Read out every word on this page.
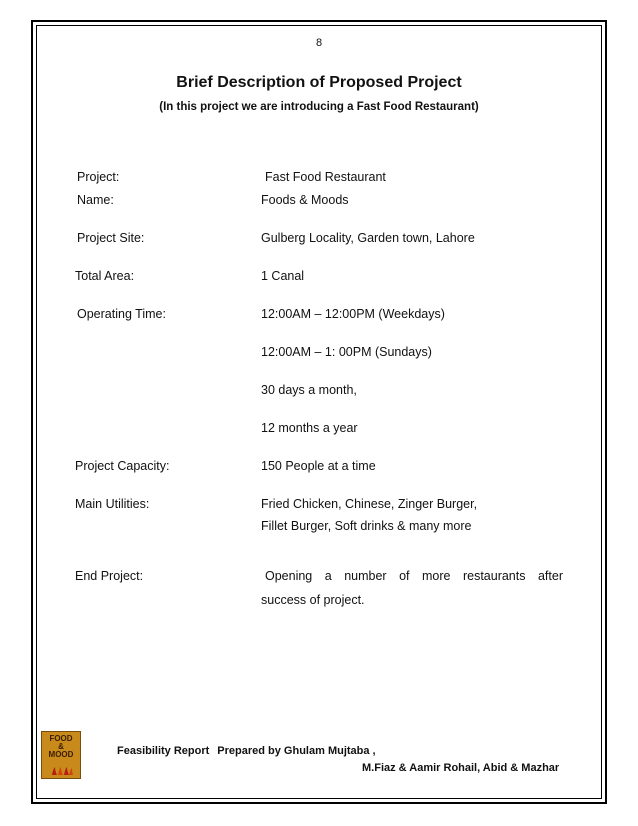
8
Brief Description of Proposed Project
(In this project we are introducing a Fast Food Restaurant)
Project:	Fast Food Restaurant
Name:	Foods & Moods
Project Site:	Gulberg Locality, Garden town, Lahore
Total Area:	1 Canal
Operating Time:	12:00AM – 12:00PM (Weekdays)
12:00AM – 1: 00PM (Sundays)
30 days a month,
12 months a year
Project Capacity:	150 People at a time
Main Utilities:	Fried Chicken, Chinese, Zinger Burger,
Fillet Burger, Soft drinks & many more
End Project:	Opening a number of more restaurants after
success of project.
FOOD
&
MOOD	Feasibility Report Prepared by Ghulam Mujtaba ,
M.Fiaz & Aamir Rohail, Abid & Mazhar
